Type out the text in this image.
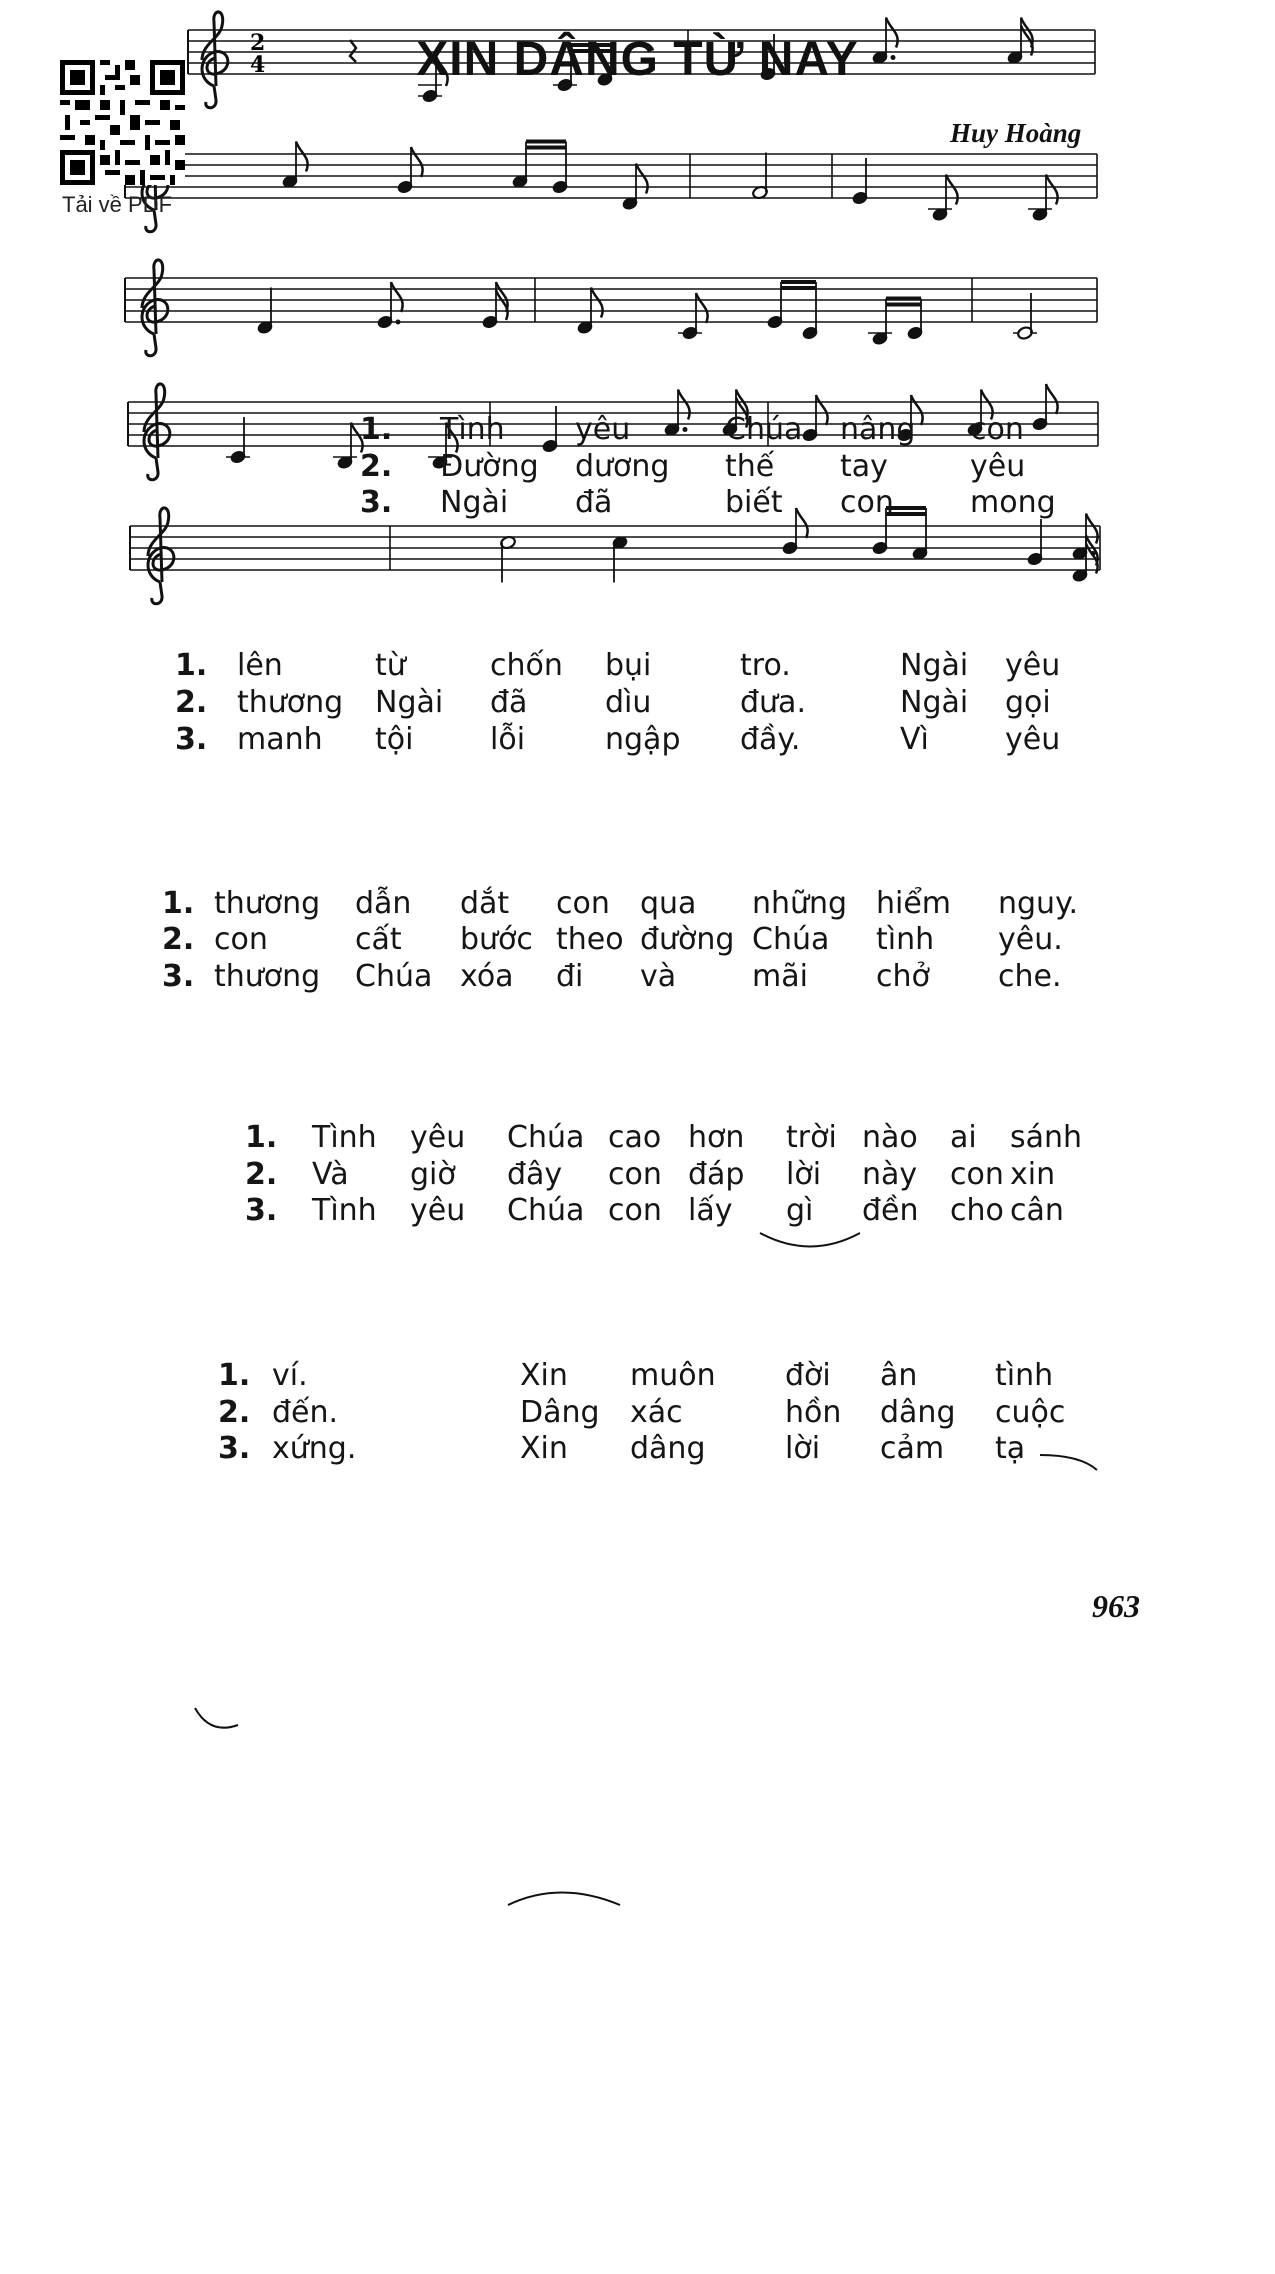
Tải về PDF
XIN DÂNG TỪ NAY
Huy Hoàng
2
4
1. Tình yêu	Chúa nâng con
2. Đường dương thế tay	yêu
3. Ngài đã	biết con	mong
1. lên	từ	chốn bụi	tro.	Ngài yêu
2. thương Ngài đã	dìu	đưa.	Ngài gọi
3. manh tội	lỗi	ngập đầy.	Vì	yêu
1. thương dẫn dắt con qua những hiểm nguy.
2. con	cất bước theo đường Chúa tình yêu.
3. thương Chúa xóa đi và	mãi chở che.
1. Tình yêu Chúa cao hơn trời nào ai sánh
2. Và giờ đây con đáp lời này con xin
3. Tình yêu Chúa con lấy gì đền cho cân
1. ví.	Xin muôn đời ân	tình
2. đến.	Dâng xác	hồn dâng cuộc
3. xứng.	Xin dâng	lời cảm tạ
963
